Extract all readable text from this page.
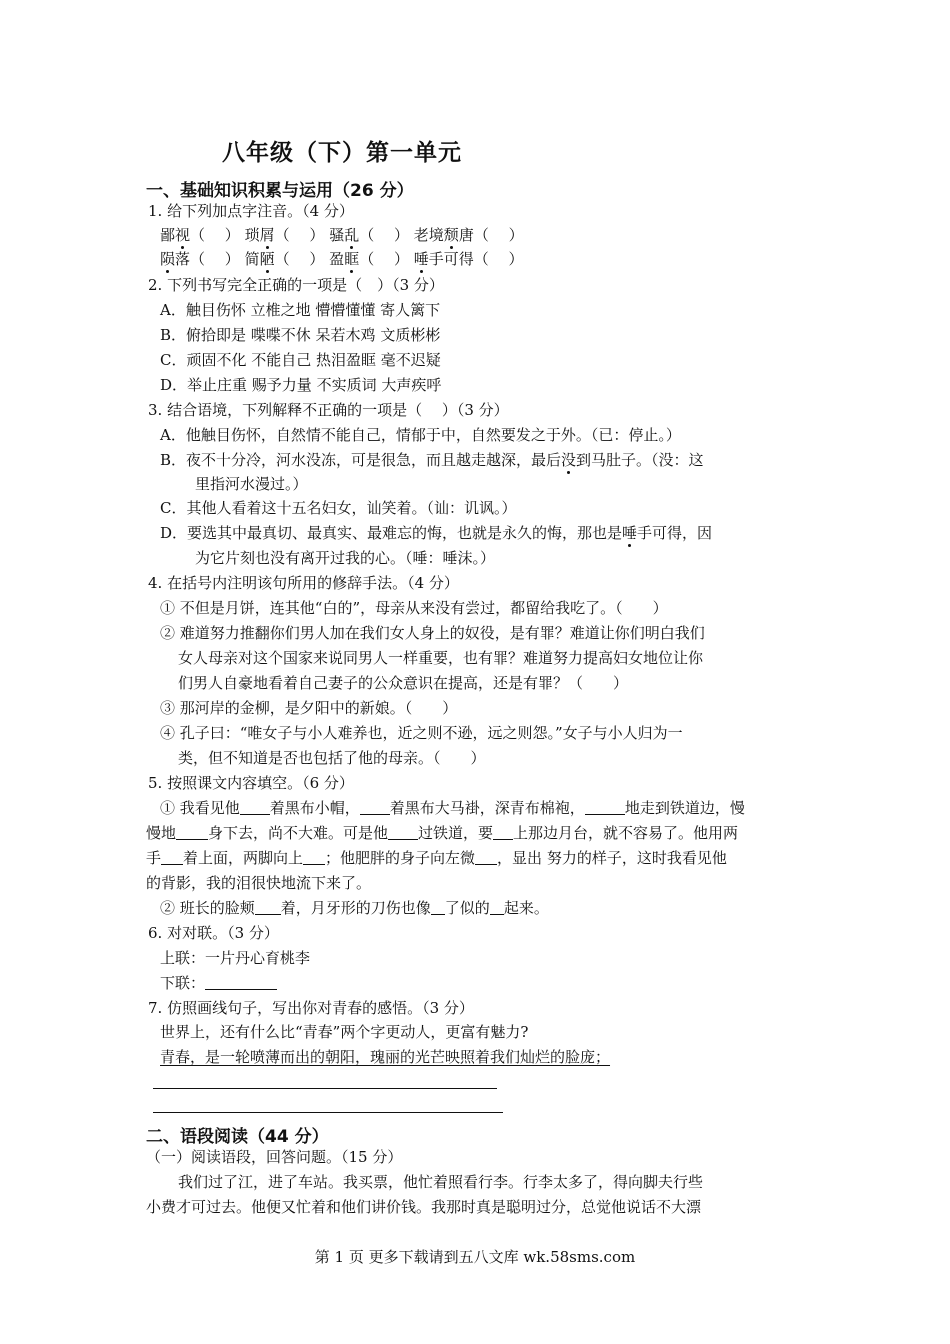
八年级（下）第一单元
一、基础知识积累与运用（26 分）
1. 给下列加点字注音。（4 分）
鄙视（　 ） 琐屑（　 ） 骚乱（　 ） 老境颓唐（　 ）
陨落（　 ） 简陋（　 ） 盈眶（　 ） 唾手可得（　 ）
2. 下列书写完全正确的一项是（　）（3 分）
A．触目伤怀 立椎之地 懵懵懂懂 寄人篱下
B．俯拾即是 喋喋不休 呆若木鸡 文质彬彬
C．顽固不化 不能自己 热泪盈眶 毫不迟疑
D．举止庄重 赐予力量 不实质词 大声疾呼
3. 结合语境，下列解释不正确的一项是（　 ）（3 分）
A．他触目伤怀，自然情不能自己，情郁于中，自然要发之于外。（已：停止。）
B．夜不十分冷，河水没冻，可是很急，而且越走越深，最后没到马肚子。（没：这
里指河水漫过。）
C．其他人看着这十五名妇女，讪笑着。（讪：讥讽。）
D．要选其中最真切、最真实、最难忘的悔，也就是永久的悔，那也是唾手可得，因
为它片刻也没有离开过我的心。（唾：唾沫。）
4. 在括号内注明该句所用的修辞手法。（4 分）
① 不但是月饼，连其他“白的”，母亲从来没有尝过，都留给我吃了。（　　）
② 难道努力推翻你们男人加在我们女人身上的奴役，是有罪？难道让你们明白我们
女人母亲对这个国家来说同男人一样重要，也有罪？难道努力提高妇女地位让你
们男人自豪地看着自己妻子的公众意识在提高，还是有罪？（　　）
③ 那河岸的金柳，是夕阳中的新娘。（　　）
④ 孔子曰：“唯女子与小人难养也，近之则不逊，远之则怨。”女子与小人归为一
类，但不知道是否也包括了他的母亲。（　　）
5. 按照课文内容填空。（6 分）
① 我看见他 着黑布小帽， 着黑布大马褂，深青布棉袍，	地走到铁道边，慢
慢地 身下去，尚不大难。可是他 过铁道，要 上那边月台，就不容易了。他用两
手 着上面，两脚向上 ；他肥胖的身子向左微 ，显出 努力的样子，这时我看见他
的背影，我的泪很快地流下来了。
② 班长的脸颊 着，月牙形的刀伤也像 了似的 起来。
6. 对对联。（3 分）
上联：一片丹心育桃李
下联：
7. 仿照画线句子，写出你对青春的感悟。（3 分）
世界上，还有什么比“青春”两个字更动人，更富有魅力?
青春，是一轮喷薄而出的朝阳，瑰丽的光芒映照着我们灿烂的脸庞；
二、语段阅读（44 分）
（一）阅读语段，回答问题。（15 分）
我们过了江，进了车站。我买票，他忙着照看行李。行李太多了，得向脚夫行些
小费才可过去。他便又忙着和他们讲价钱。我那时真是聪明过分，总觉他说话不大漂
第 1 页 更多下载请到五八文库 wk.58sms.com
